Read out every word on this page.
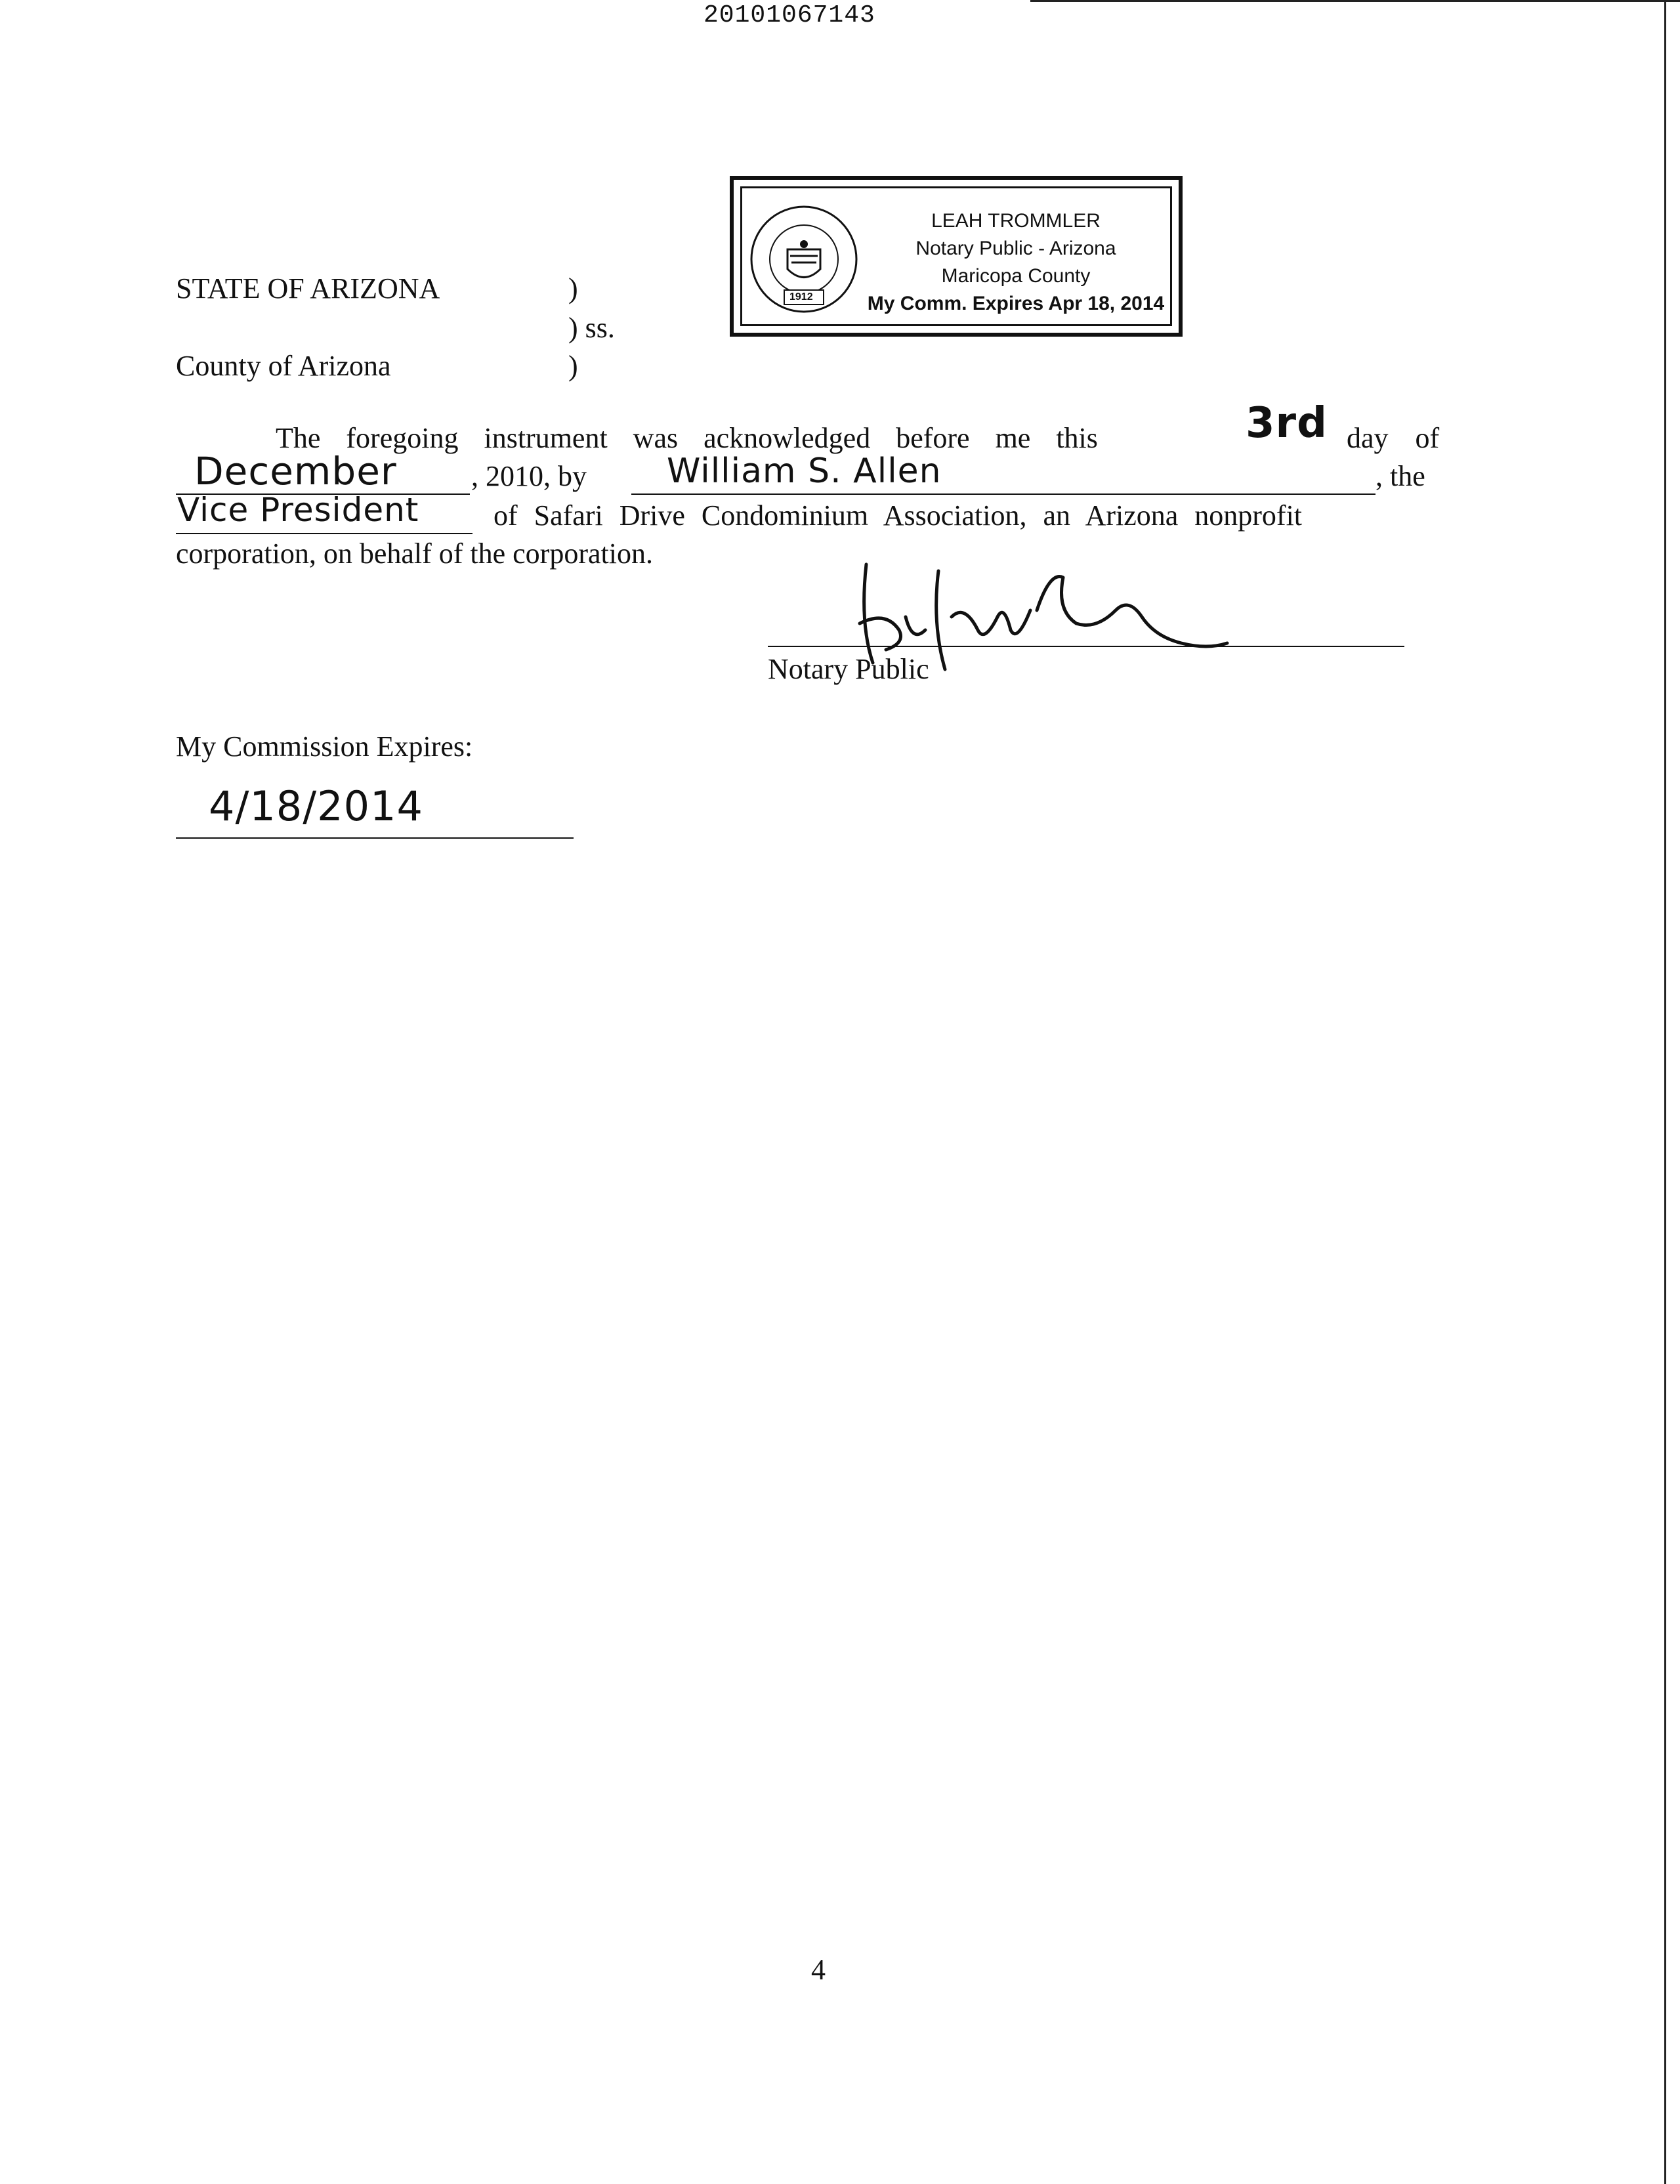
20101067143
1912
LEAH TROMMLER
Notary Public - Arizona
Maricopa County
My Comm. Expires Apr 18, 2014
STATE OF ARIZONA	)
) ss.
County of Arizona	)
The foregoing instrument was acknowledged before me this	3rd day of
December	, 2010, by William S. Allen	, the
Vice President	of Safari Drive Condominium Association, an Arizona nonprofit
corporation, on behalf of the corporation.
Notary Public
My Commission Expires:
4/18/2014
4
